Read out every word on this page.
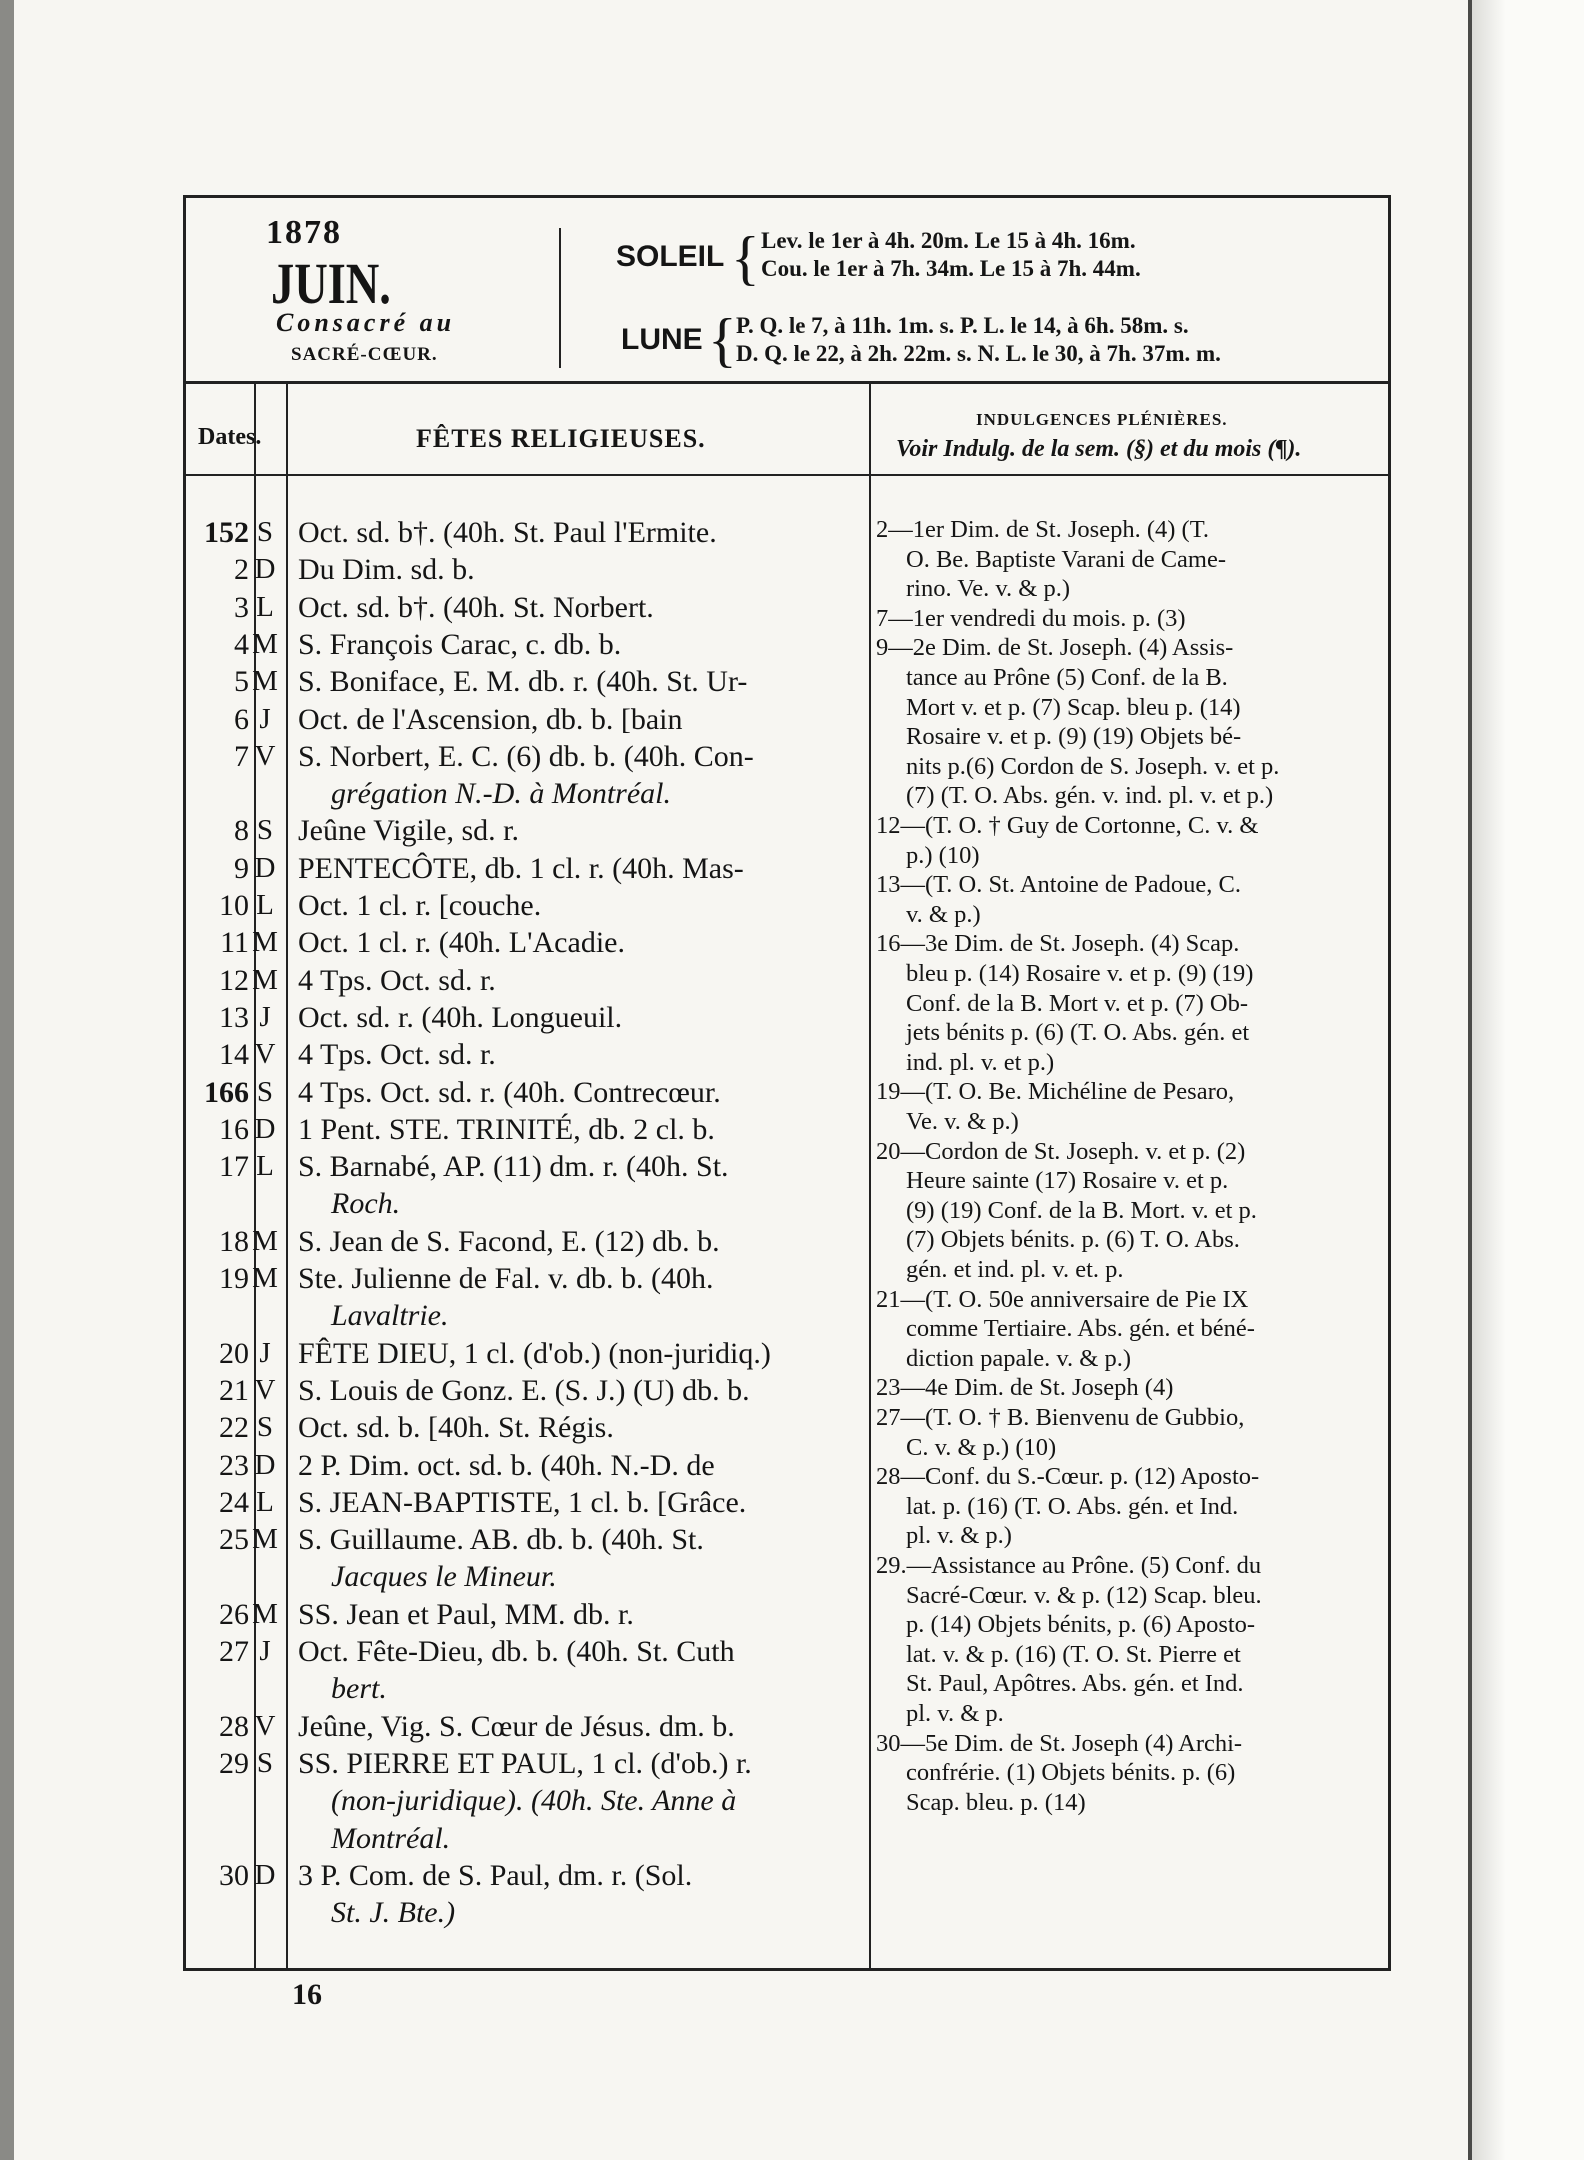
1878
JUIN.
Consacré au
SACRÉ-CŒUR.
SOLEIL { Lev. le 1er à 4h. 20m. Le 15 à 4h. 16m.
Cou. le 1er à 7h. 34m. Le 15 à 7h. 44m.
LUNE { P. Q. le 7, à 11h. 1m. s. P. L. le 14, à 6h. 58m. s.
D. Q. le 22, à 2h. 22m. s. N. L. le 30, à 7h. 37m. m.
Dates.	FÊTES RELIGIEUSES.
INDULGENCES PLÉNIÈRES.
Voir Indulg. de la sem. (§) et du mois (¶).
152 S Oct. sd. b†. (40h. St. Paul l'Ermite.
2 D Du Dim. sd. b.
3 L Oct. sd. b†. (40h. St. Norbert.
4 M S. François Carac, c. db. b.
5 M S. Boniface, E. M. db. r. (40h. St. Ur-
6 J Oct. de l'Ascension, db. b. [bain
7 V S. Norbert, E. C. (6) db. b. (40h. Con-
grégation N.-D. à Montréal.
8 S Jeûne Vigile, sd. r.
9 D PENTECÔTE, db. 1 cl. r. (40h. Mas-
10 L Oct. 1 cl. r. [couche.
11 M Oct. 1 cl. r. (40h. L'Acadie.
12 M 4 Tps. Oct. sd. r.
13 J Oct. sd. r. (40h. Longueuil.
14 V 4 Tps. Oct. sd. r.
166 S 4 Tps. Oct. sd. r. (40h. Contrecœur.
16 D 1 Pent. STE. TRINITÉ, db. 2 cl. b.
17 L S. Barnabé, AP. (11) dm. r. (40h. St.
Roch.
18 M S. Jean de S. Facond, E. (12) db. b.
19 M Ste. Julienne de Fal. v. db. b. (40h.
Lavaltrie.
20 J FÊTE DIEU, 1 cl. (d'ob.) (non-juridiq.)
21 V S. Louis de Gonz. E. (S. J.) (U) db. b.
22 S Oct. sd. b. [40h. St. Régis.
23 D 2 P. Dim. oct. sd. b. (40h. N.-D. de
24 L S. JEAN-BAPTISTE, 1 cl. b. [Grâce.
25 M S. Guillaume. AB. db. b. (40h. St.
Jacques le Mineur.
26 M SS. Jean et Paul, MM. db. r.
27 J Oct. Fête-Dieu, db. b. (40h. St. Cuth
bert.
28 V Jeûne, Vig. S. Cœur de Jésus. dm. b.
29 S SS. PIERRE ET PAUL, 1 cl. (d'ob.) r.
(non-juridique). (40h. Ste. Anne à
Montréal.
30 D 3 P. Com. de S. Paul, dm. r. (Sol.
St. J. Bte.)
2—1er Dim. de St. Joseph. (4) (T.
O. Be. Baptiste Varani de Came-
rino. Ve. v. & p.)
7—1er vendredi du mois. p. (3)
9—2e Dim. de St. Joseph. (4) Assis-
tance au Prône (5) Conf. de la B.
Mort v. et p. (7) Scap. bleu p. (14)
Rosaire v. et p. (9) (19) Objets bé-
nits p.(6) Cordon de S. Joseph. v. et p.
(7) (T. O. Abs. gén. v. ind. pl. v. et p.)
12—(T. O. † Guy de Cortonne, C. v. &
p.) (10)
13—(T. O. St. Antoine de Padoue, C.
v. & p.)
16—3e Dim. de St. Joseph. (4) Scap.
bleu p. (14) Rosaire v. et p. (9) (19)
Conf. de la B. Mort v. et p. (7) Ob-
jets bénits p. (6) (T. O. Abs. gén. et
ind. pl. v. et p.)
19—(T. O. Be. Michéline de Pesaro,
Ve. v. & p.)
20—Cordon de St. Joseph. v. et p. (2)
Heure sainte (17) Rosaire v. et p.
(9) (19) Conf. de la B. Mort. v. et p.
(7) Objets bénits. p. (6) T. O. Abs.
gén. et ind. pl. v. et. p.
21—(T. O. 50e anniversaire de Pie IX
comme Tertiaire. Abs. gén. et béné-
diction papale. v. & p.)
23—4e Dim. de St. Joseph (4)
27—(T. O. † B. Bienvenu de Gubbio,
C. v. & p.) (10)
28—Conf. du S.-Cœur. p. (12) Aposto-
lat. p. (16) (T. O. Abs. gén. et Ind.
pl. v. & p.)
29.—Assistance au Prône. (5) Conf. du
Sacré-Cœur. v. & p. (12) Scap. bleu.
p. (14) Objets bénits, p. (6) Aposto-
lat. v. & p. (16) (T. O. St. Pierre et
St. Paul, Apôtres. Abs. gén. et Ind.
pl. v. & p.
30—5e Dim. de St. Joseph (4) Archi-
confrérie. (1) Objets bénits. p. (6)
Scap. bleu. p. (14)
16
